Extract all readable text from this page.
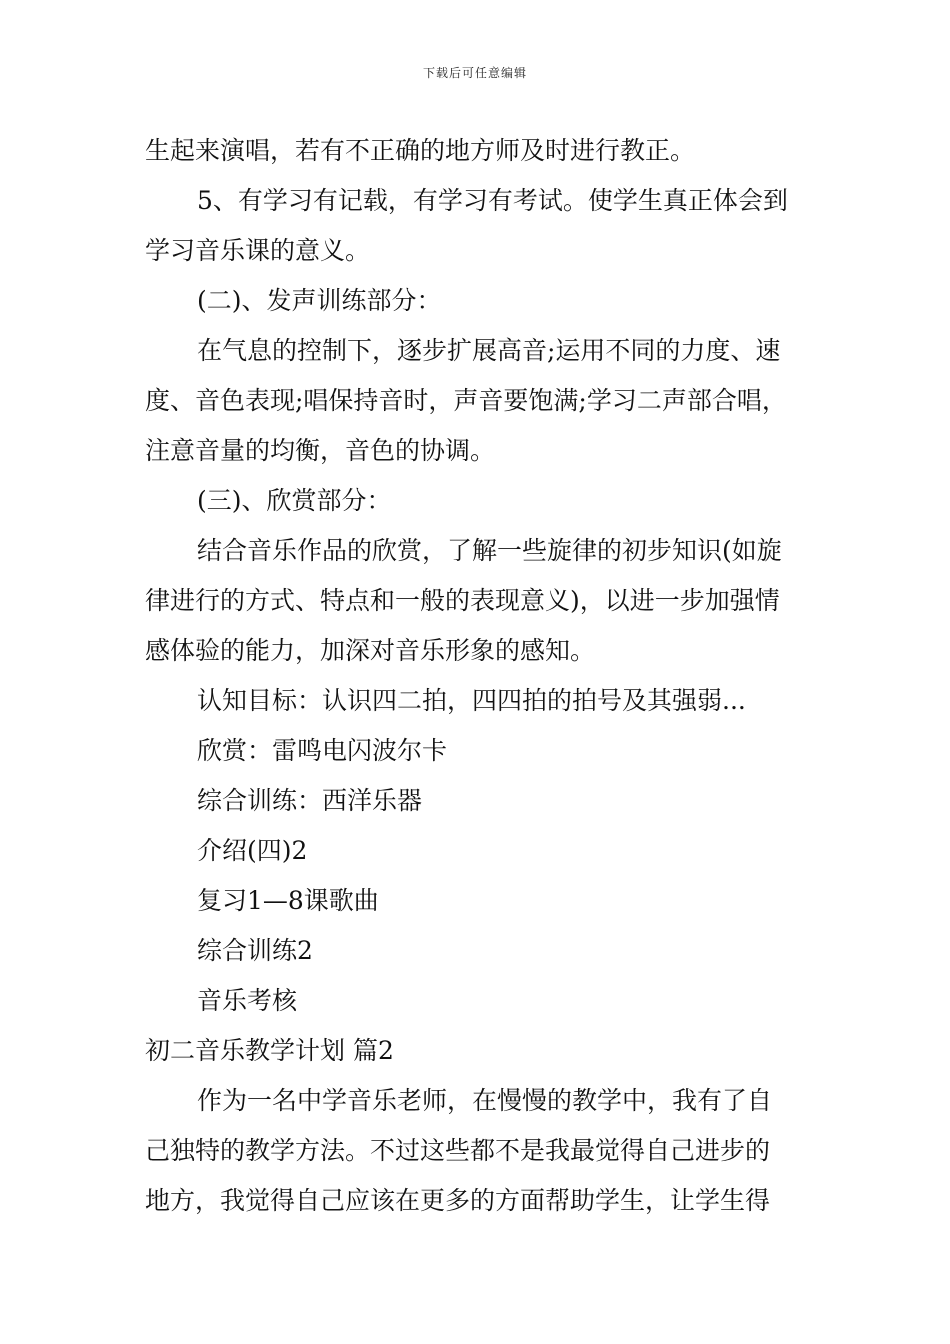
下载后可任意编辑
生起来演唱，若有不正确的地方师及时进行教正。
5、有学习有记载，有学习有考试。使学生真正体会到
学习音乐课的意义。
(二)、发声训练部分：
在气息的控制下，逐步扩展高音;运用不同的力度、速
度、音色表现;唱保持音时，声音要饱满;学习二声部合唱，
注意音量的均衡，音色的协调。
(三)、欣赏部分：
结合音乐作品的欣赏，了解一些旋律的初步知识(如旋
律进行的方式、特点和一般的表现意义)，以进一步加强情
感体验的能力，加深对音乐形象的感知。
认知目标：认识四二拍，四四拍的拍号及其强弱...
欣赏：雷鸣电闪波尔卡
综合训练：西洋乐器
介绍(四)2
复习1—8课歌曲
综合训练2
音乐考核
初二音乐教学计划 篇2
作为一名中学音乐老师，在慢慢的教学中，我有了自
己独特的教学方法。不过这些都不是我最觉得自己进步的
地方，我觉得自己应该在更多的方面帮助学生，让学生得
